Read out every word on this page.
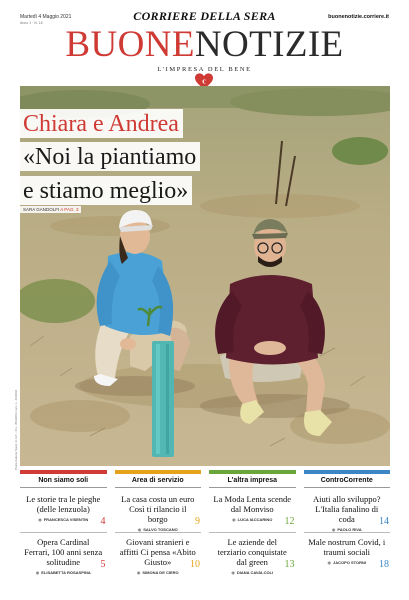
Martedì 4 Maggio 2021
Anno 1 · N. 16	CORRIERE DELLA SERA	buonenotizie.corriere.it
BUONENOTIZIE
L'IMPRESA DEL BENE
c
Chiara e Andrea
«Noi la piantiamo
e stiamo meglio»
SARA GANDOLFI A PAG. 3
Poste Italiane Sped. in A.P. - D.L. 353/2003 conv. L. 46/2004
Non siamo soli
Le storie tra le pieghe (delle lenzuola)
◉ FRANCESCA VISENTIN	4
Opera Cardinal Ferrari, 100 anni senza solitudine
◉ ELISABETTA ROSASPINA
5
Area di servizio
La casa costa un euro Così ti rilancio il borgo
◉ SALVO TOSCANO
9
Giovani stranieri e affitti Ci pensa «Abito Giusto»
◉ SIMONA DE CIERO
10
L'altra impresa
La Moda Lenta scende dal Monviso
◉ LUCA IACCARINO	12
Le aziende del terziario conquistate dal green
◉ DIANA CAVALCOLI
13
ControCorrente
Aiuti allo sviluppo? L'Italia fanalino di coda
◉ PAOLO RIVA
14
Male nostrum Covid, i traumi sociali
◉ JACOPO STORNI	18
